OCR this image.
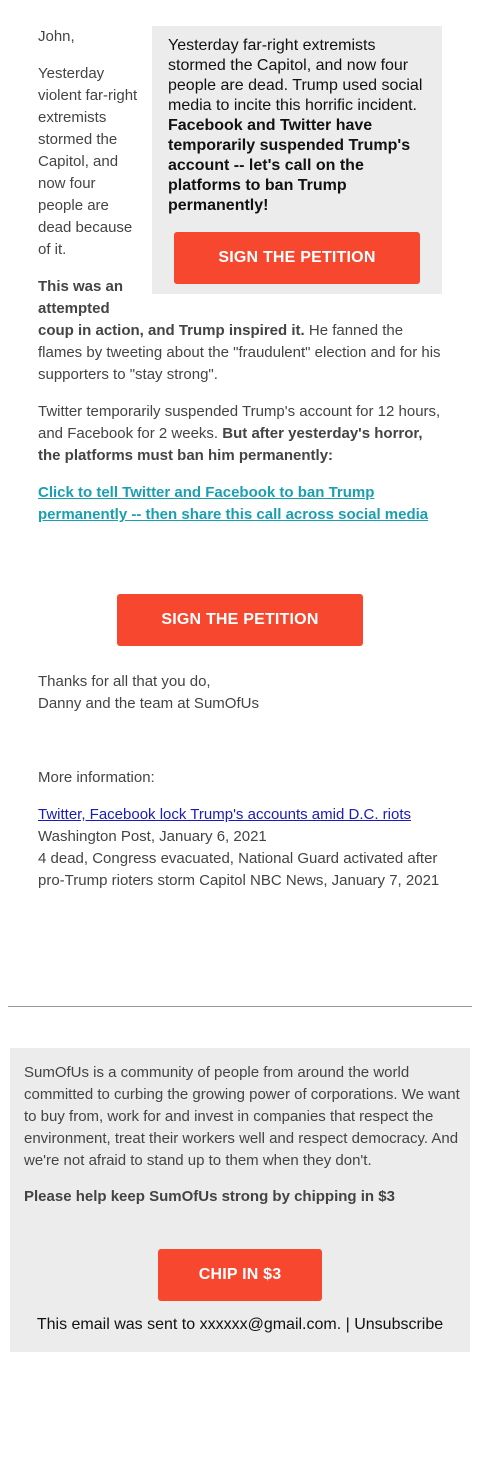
John,

Yesterday

violent far-right

extremists

stormed the

Capitol, and

now four

people are

dead because

of it.

Yesterday far-right extremists stormed the Capitol, and now four people are dead. Trump used social media to incite this horrific incident. Facebook and Twitter have temporarily suspended Trump's account -- let's call on the platforms to ban Trump permanently!

SIGN THE PETITION

This was an

attempted

coup in action, and Trump inspired it. He fanned the flames by tweeting about the "fraudulent" election and for his supporters to "stay strong".

Twitter temporarily suspended Trump's account for 12 hours, and Facebook for 2 weeks. But after yesterday's horror, the platforms must ban him permanently:

Click to tell Twitter and Facebook to ban Trump permanently -- then share this call across social media

SIGN THE PETITION

Thanks for all that you do,

Danny and the team at SumOfUs

More information:

Twitter, Facebook lock Trump's accounts amid D.C. riots

Washington Post, January 6, 2021

4 dead, Congress evacuated, National Guard activated after pro-Trump rioters storm Capitol NBC News, January 7, 2021

SumOfUs is a community of people from around the world committed to curbing the growing power of corporations. We want to buy from, work for and invest in companies that respect the environment, treat their workers well and respect democracy. And we're not afraid to stand up to them when they don't.

Please help keep SumOfUs strong by chipping in $3

CHIP IN $3

This email was sent to xxxxxx@gmail.com. | Unsubscribe
